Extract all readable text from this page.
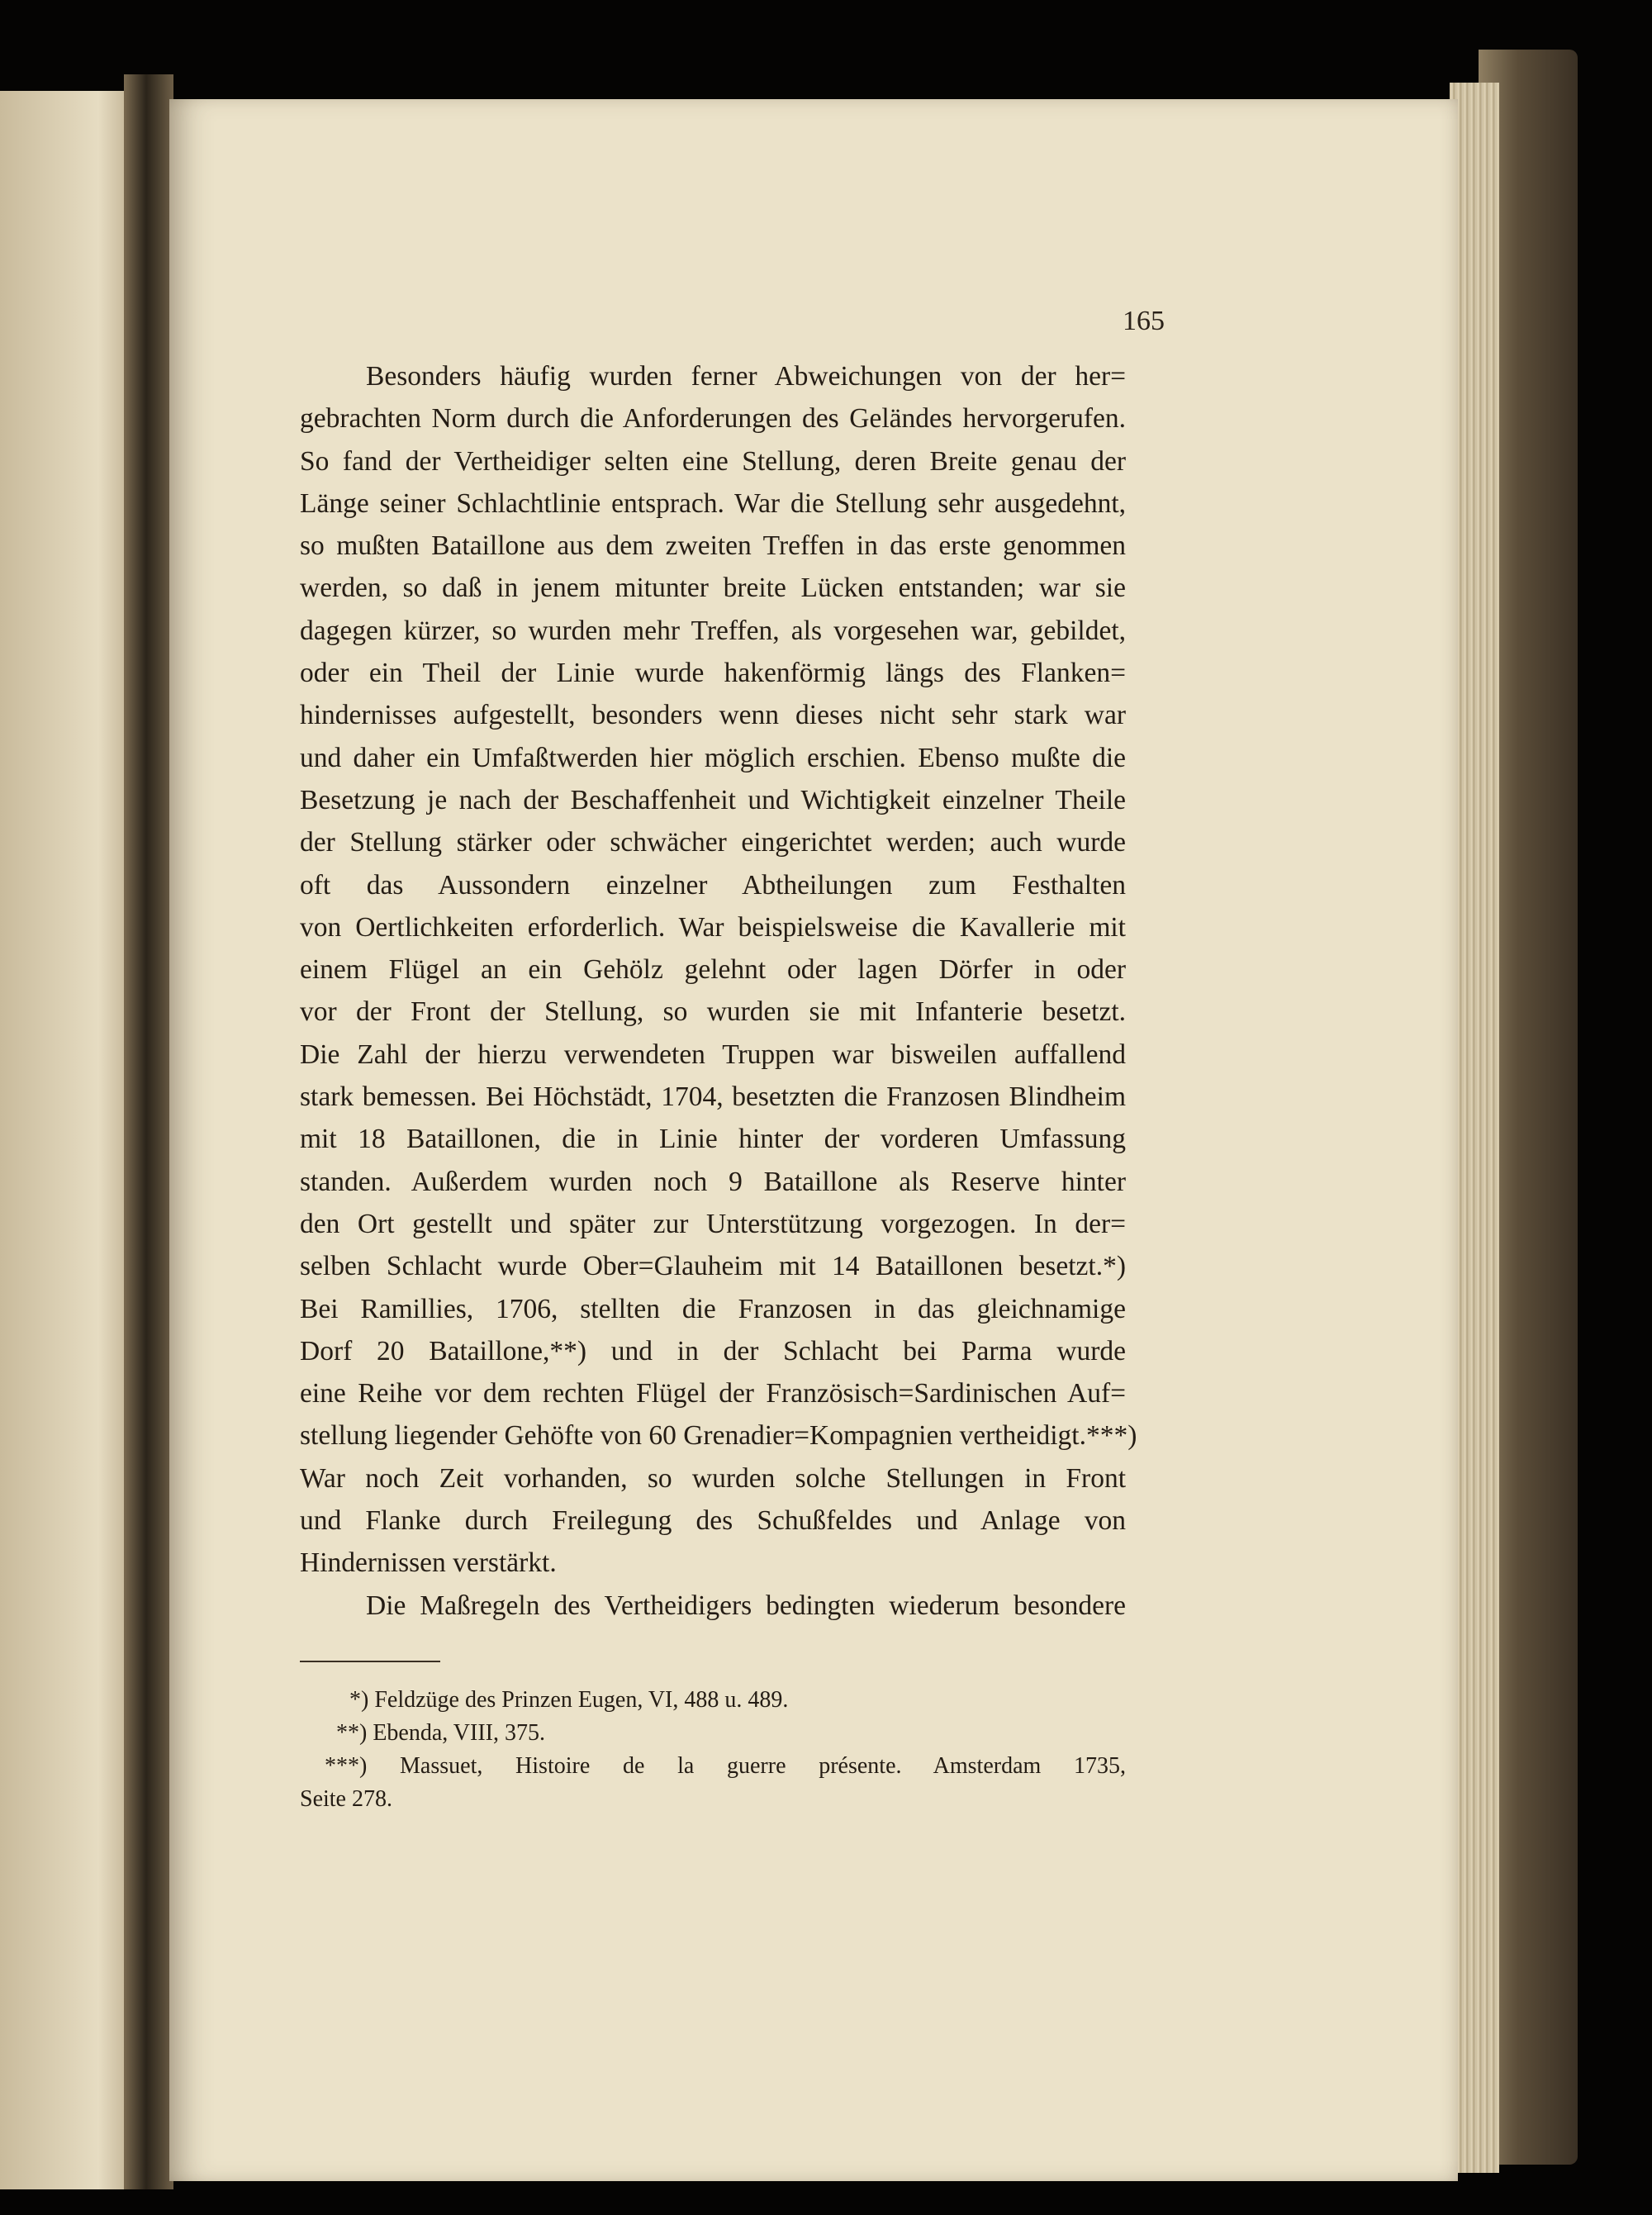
165
Besonders häufig wurden ferner Abweichungen von der her=
gebrachten Norm durch die Anforderungen des Geländes hervorgerufen.
So fand der Vertheidiger selten eine Stellung, deren Breite genau der
Länge seiner Schlachtlinie entsprach. War die Stellung sehr ausgedehnt,
so mußten Bataillone aus dem zweiten Treffen in das erste genommen
werden, so daß in jenem mitunter breite Lücken entstanden; war sie
dagegen kürzer, so wurden mehr Treffen, als vorgesehen war, gebildet,
oder ein Theil der Linie wurde hakenförmig längs des Flanken=
hindernisses aufgestellt, besonders wenn dieses nicht sehr stark war
und daher ein Umfaßtwerden hier möglich erschien. Ebenso mußte die
Besetzung je nach der Beschaffenheit und Wichtigkeit einzelner Theile
der Stellung stärker oder schwächer eingerichtet werden; auch wurde
oft das Aussondern einzelner Abtheilungen zum Festhalten
von Oertlichkeiten erforderlich. War beispielsweise die Kavallerie mit
einem Flügel an ein Gehölz gelehnt oder lagen Dörfer in oder
vor der Front der Stellung, so wurden sie mit Infanterie besetzt.
Die Zahl der hierzu verwendeten Truppen war bisweilen auffallend
stark bemessen. Bei Höchstädt, 1704, besetzten die Franzosen Blindheim
mit 18 Bataillonen, die in Linie hinter der vorderen Umfassung
standen. Außerdem wurden noch 9 Bataillone als Reserve hinter
den Ort gestellt und später zur Unterstützung vorgezogen. In der=
selben Schlacht wurde Ober=Glauheim mit 14 Bataillonen besetzt.*)
Bei Ramillies, 1706, stellten die Franzosen in das gleichnamige
Dorf 20 Bataillone,**) und in der Schlacht bei Parma wurde
eine Reihe vor dem rechten Flügel der Französisch=Sardinischen Auf=
stellung liegender Gehöfte von 60 Grenadier=Kompagnien vertheidigt.***)
War noch Zeit vorhanden, so wurden solche Stellungen in Front
und Flanke durch Freilegung des Schußfeldes und Anlage von
Hindernissen verstärkt.
Die Maßregeln des Vertheidigers bedingten wiederum besondere
*) Feldzüge des Prinzen Eugen, VI, 488 u. 489.
**) Ebenda, VIII, 375.
***) Massuet, Histoire de la guerre présente. Amsterdam 1735,
Seite 278.
